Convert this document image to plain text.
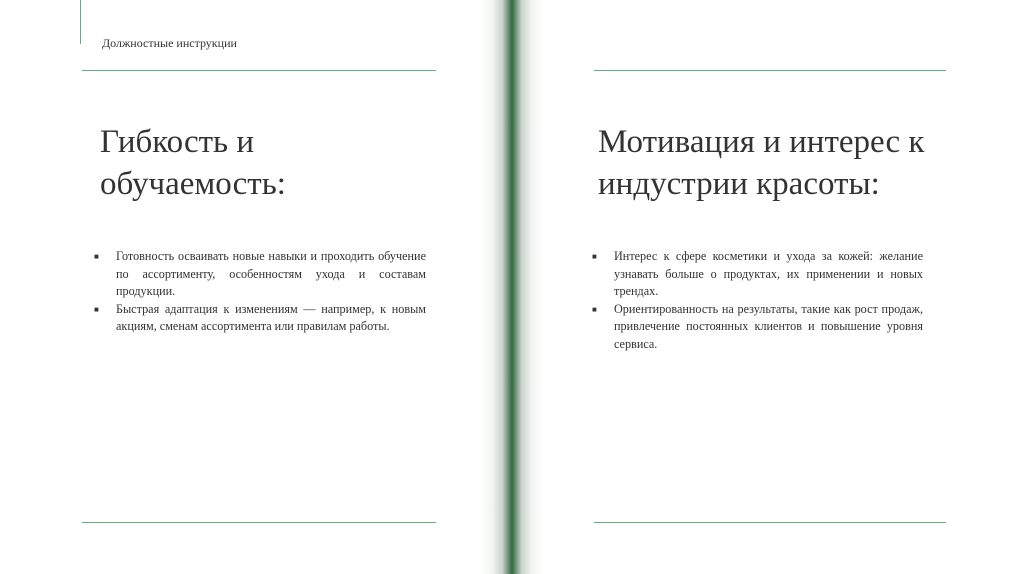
Должностные инструкции
Гибкость и обучаемость:
■ Готовность осваивать новые навыки и проходить обучение по ассортименту, особенностям ухода и составам продукции.
■ Быстрая адаптация к изменениям — например, к новым акциям, сменам ассортимента или правилам работы.
Мотивация и интерес к индустрии красоты:
■ Интерес к сфере косметики и ухода за кожей: желание узнавать больше о продуктах, их применении и новых трендах.
■ Ориентированность на результаты, такие как рост продаж, привлечение постоянных клиентов и повышение уровня сервиса.
